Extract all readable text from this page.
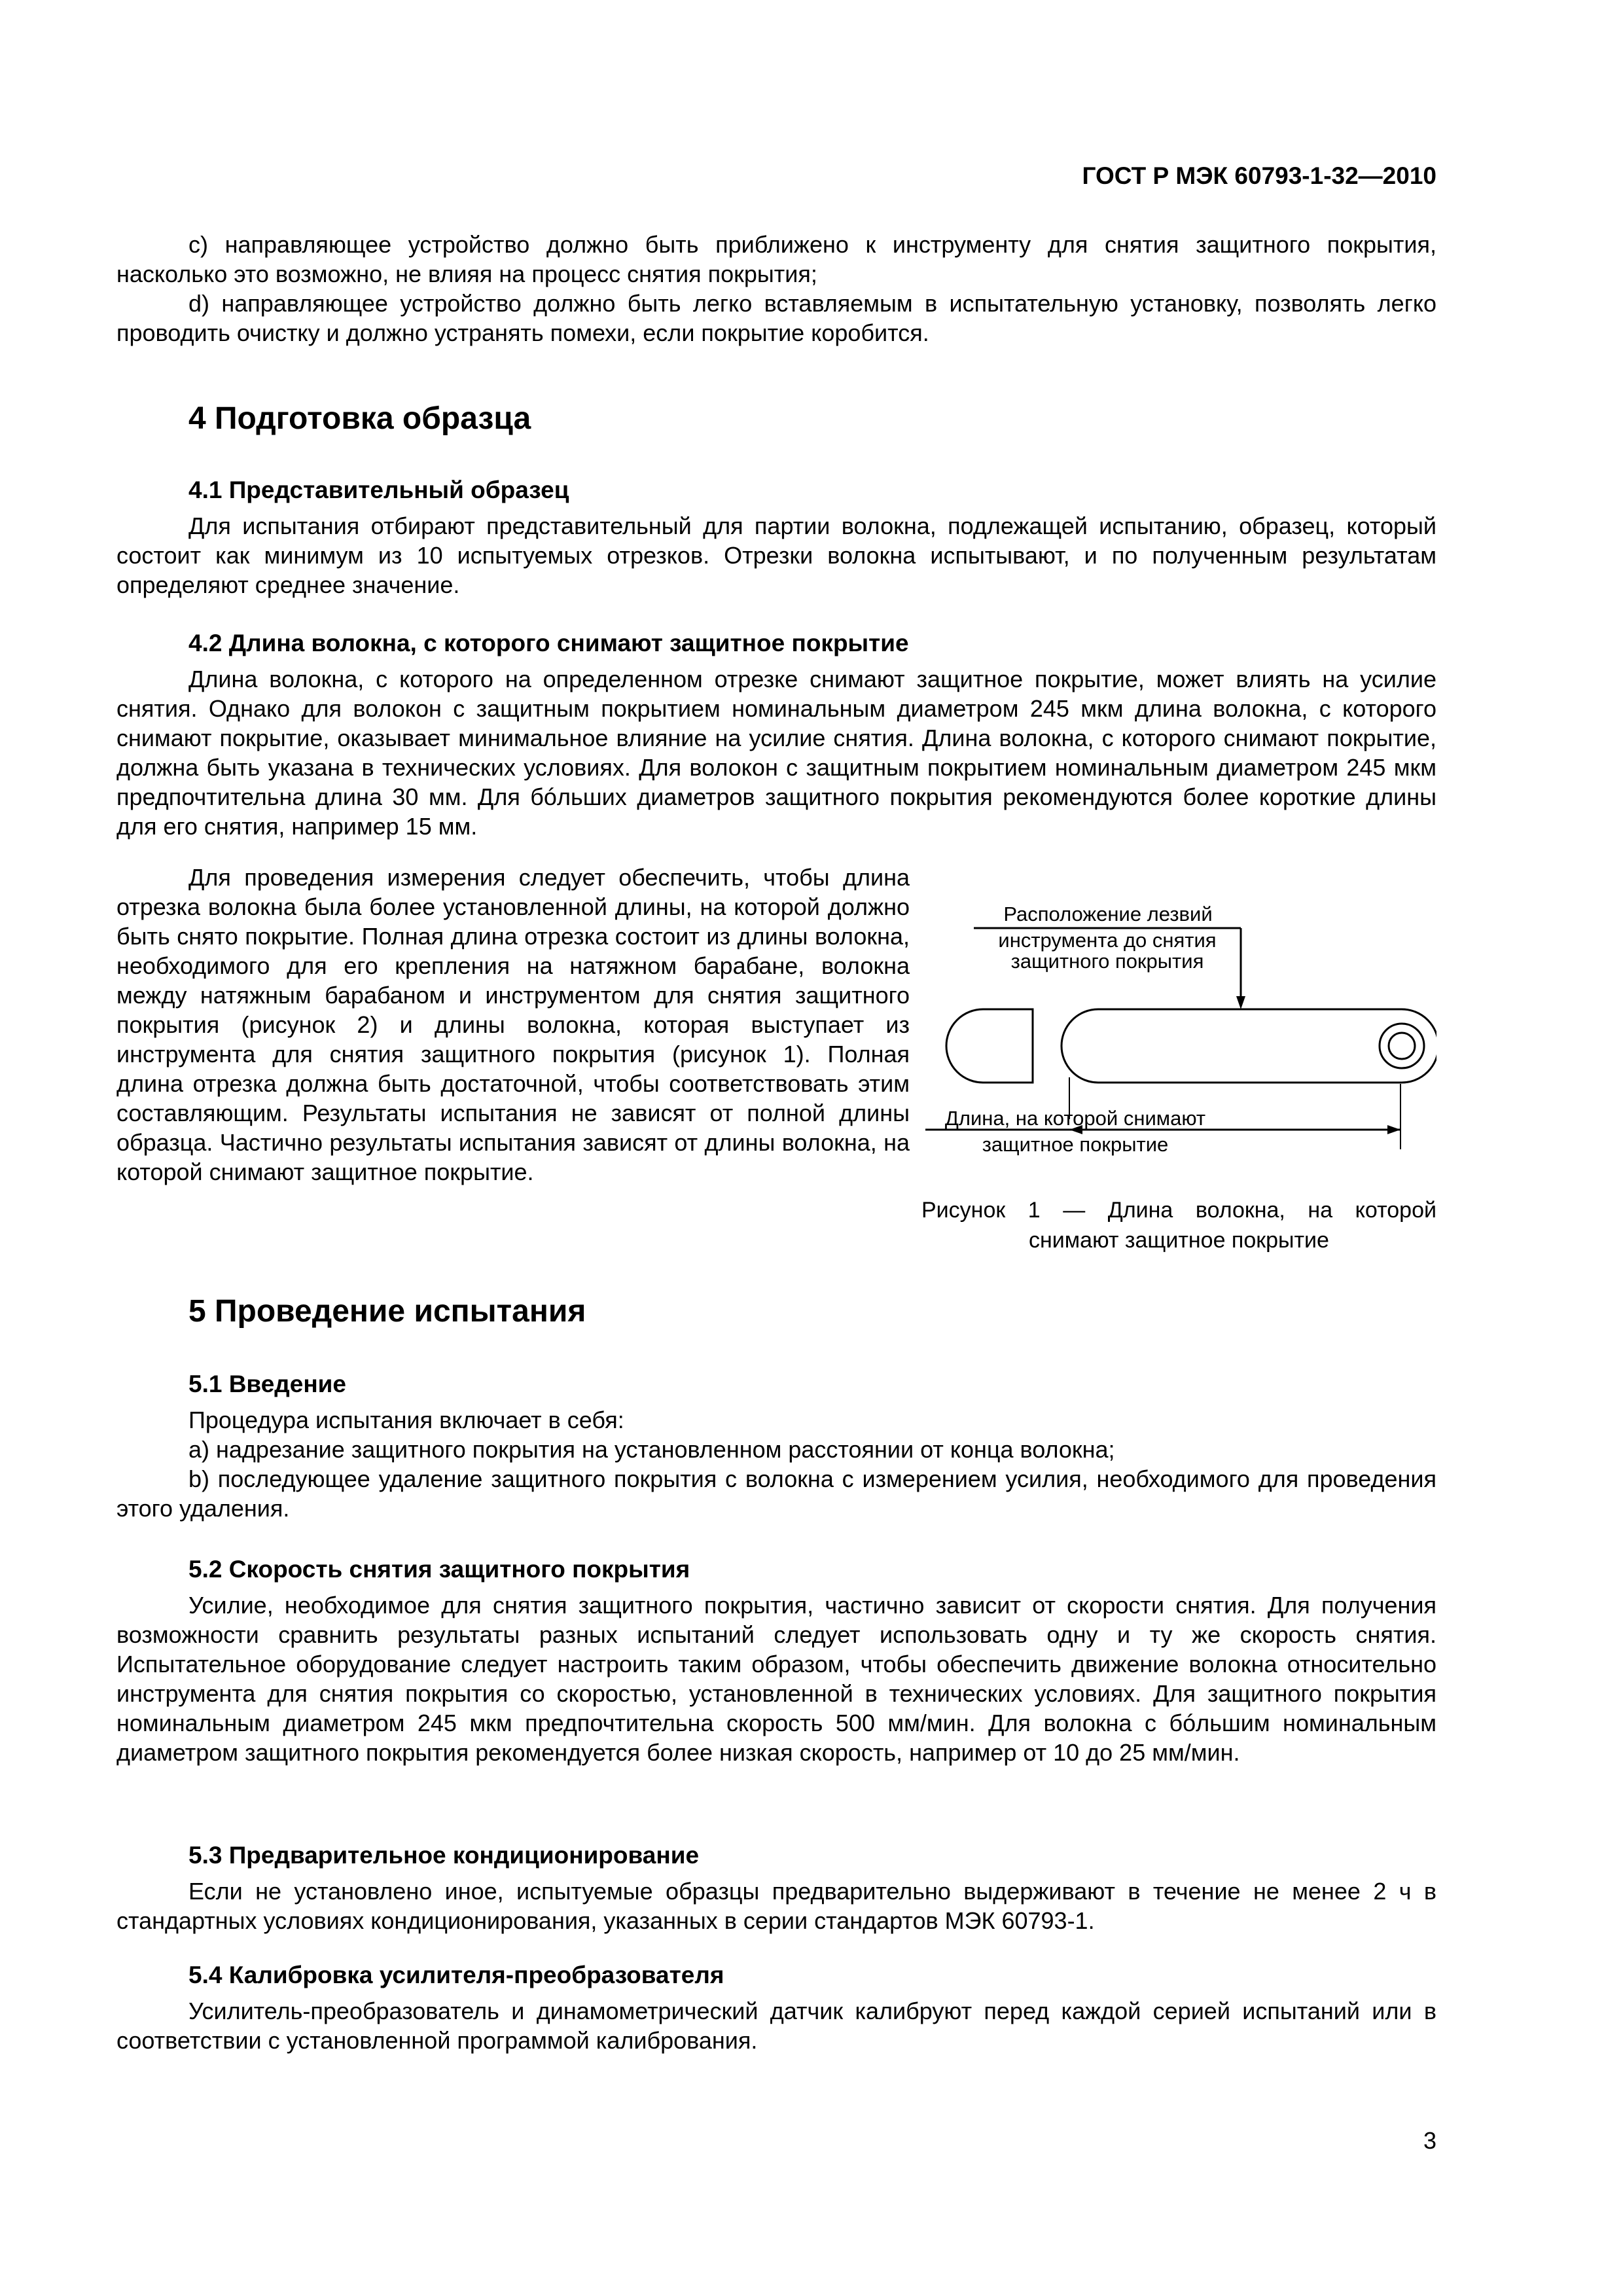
ГОСТ Р МЭК 60793-1-32—2010

c) направляющее устройство должно быть приближено к инструменту для снятия защитного покрытия, насколько это возможно, не влияя на процесс снятия покрытия;

d) направляющее устройство должно быть легко вставляемым в испытательную установку, позволять легко проводить очистку и должно устранять помехи, если покрытие коробится.

4 Подготовка образца
4.1 Представительный образец

Для испытания отбирают представительный для партии волокна, подлежащей испытанию, образец, который состоит как минимум из 10 испытуемых отрезков. Отрезки волокна испытывают, и по полученным результатам определяют среднее значение.

4.2 Длина волокна, с которого снимают защитное покрытие

Длина волокна, с которого на определенном отрезке снимают защитное покрытие, может влиять на усилие снятия. Однако для волокон с защитным покрытием номинальным диаметром 245 мкм длина волокна, с которого снимают покрытие, оказывает минимальное влияние на усилие снятия. Длина волокна, с которого снимают покрытие, должна быть указана в технических условиях. Для волокон с защитным покрытием номинальным диаметром 245 мкм предпочтительна длина 30 мм. Для бóльших диаметров защитного покрытия рекомендуются более короткие длины для его снятия, например 15 мм.

Для проведения измерения следует обеспечить, чтобы длина отрезка волокна была более установленной длины, на которой должно быть снято покрытие. Полная длина отрезка состоит из длины волокна, необходимого для его крепления на натяжном барабане, волокна между натяжным барабаном и инструментом для снятия защитного покрытия (рисунок 2) и длины волокна, которая выступает из инструмента для снятия защитного покрытия (рисунок 1). Полная длина отрезка должна быть достаточной, чтобы соответствовать этим составляющим. Результаты испытания не зависят от полной длины образца. Частично результаты испытания зависят от длины волокна, на которой снимают защитное покрытие.

Расположение лезвий
инструмента до снятия
защитного покрытия
Длина, на которой снимают
защитное покрытие
Рисунок 1 — Длина волокна, на которой
снимают защитное покрытие
5 Проведение испытания
5.1 Введение

Процедура испытания включает в себя:

a) надрезание защитного покрытия на установленном расстоянии от конца волокна;

b) последующее удаление защитного покрытия с волокна с измерением усилия, необходимого для проведения этого удаления.

5.2 Скорость снятия защитного покрытия

Усилие, необходимое для снятия защитного покрытия, частично зависит от скорости снятия. Для получения возможности сравнить результаты разных испытаний следует использовать одну и ту же скорость снятия. Испытательное оборудование следует настроить таким образом, чтобы обеспечить движение волокна относительно инструмента для снятия покрытия со скоростью, установленной в технических условиях. Для защитного покрытия номинальным диаметром 245 мкм предпочтительна скорость 500 мм/мин. Для волокна с бóльшим номинальным диаметром защитного покрытия рекомендуется более низкая скорость, например от 10 до 25 мм/мин.

5.3 Предварительное кондиционирование

Если не установлено иное, испытуемые образцы предварительно выдерживают в течение не менее 2 ч в стандартных условиях кондиционирования, указанных в серии стандартов МЭК 60793-1.

5.4 Калибровка усилителя-преобразователя

Усилитель-преобразователь и динамометрический датчик калибруют перед каждой серией испытаний или в соответствии с установленной программой калибрования.

3
